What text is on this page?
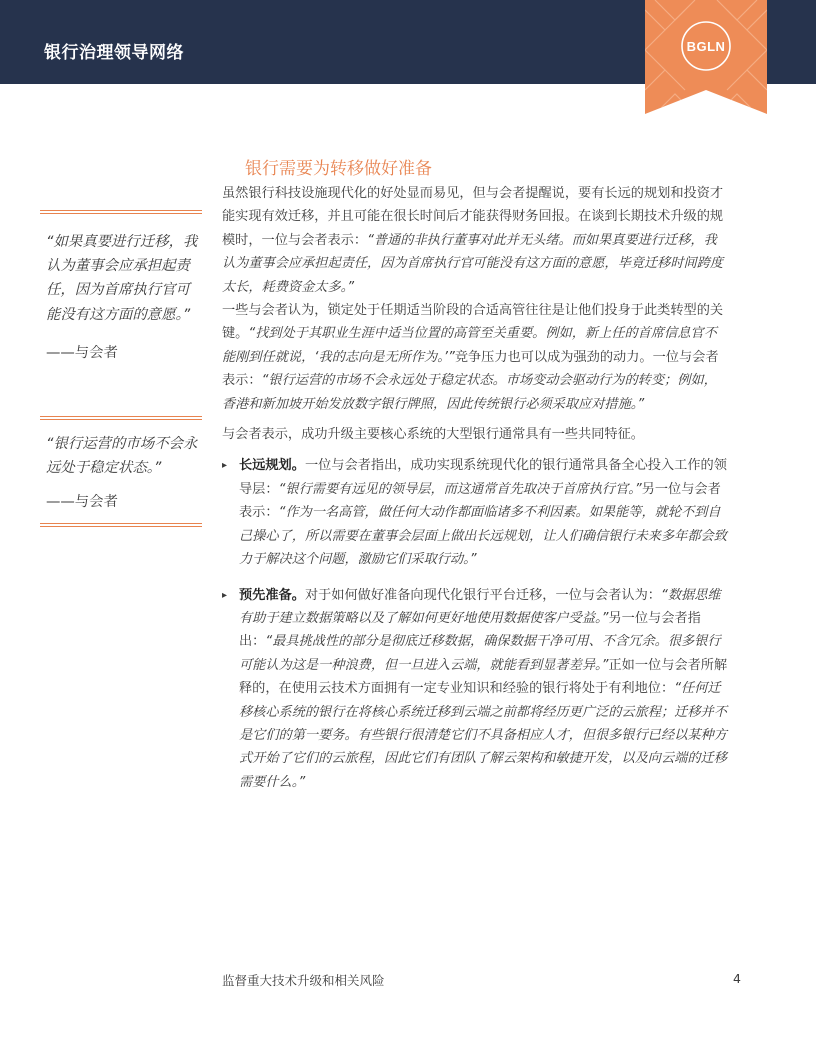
银行治理领导网络	BGLN
银行需要为转移做好准备

虽然银行科技设施现代化的好处显而易见，但与会者提醒说，要有长远的规划和投资才能实现有效迁移，并且可能在很长时间后才能获得财务回报。在谈到长期技术升级的规模时，一位与会者表示：“普通的非执行董事对此并无头绪。而如果真要进行迁移，我认为董事会应承担起责任，因为首席执行官可能没有这方面的意愿，毕竟迁移时间跨度太长，耗费资金太多。”

一些与会者认为，锁定处于任期适当阶段的合适高管往往是让他们投身于此类转型的关键。“找到处于其职业生涯中适当位置的高管至关重要。例如，新上任的首席信息官不能刚到任就说，‘我的志向是无所作为。’”竞争压力也可以成为强劲的动力。一位与会者表示：“银行运营的市场不会永远处于稳定状态。市场变动会驱动行为的转变；例如，香港和新加坡开始发放数字银行牌照，因此传统银行必须采取应对措施。”

与会者表示，成功升级主要核心系统的大型银行通常具有一些共同特征。

▸ 长远规划。一位与会者指出，成功实现系统现代化的银行通常具备全心投入工作的领导层：“银行需要有远见的领导层，而这通常首先取决于首席执行官。”另一位与会者表示：“作为一名高管，做任何大动作都面临诸多不利因素。如果能等，就轮不到自己操心了，所以需要在董事会层面上做出长远规划，让人们确信银行未来多年都会致力于解决这个问题，激励它们采取行动。”
▸ 预先准备。对于如何做好准备向现代化银行平台迁移，一位与会者认为：“数据思维有助于建立数据策略以及了解如何更好地使用数据使客户受益。”另一位与会者指出：“最具挑战性的部分是彻底迁移数据，确保数据干净可用、不含冗余。很多银行可能认为这是一种浪费，但一旦进入云端，就能看到显著差异。”正如一位与会者所解释的，在使用云技术方面拥有一定专业知识和经验的银行将处于有利地位：“任何迁移核心系统的银行在将核心系统迁移到云端之前都将经历更广泛的云旅程；迁移并不是它们的第一要务。有些银行很清楚它们不具备相应人才，但很多银行已经以某种方式开始了它们的云旅程，因此它们有团队了解云架构和敏捷开发，以及向云端的迁移需要什么。”
“如果真要进行迁移，我认为董事会应承担起责任，因为首席执行官可能没有这方面的意愿。”
——与会者
“银行运营的市场不会永远处于稳定状态。”
——与会者
监督重大技术升级和相关风险	4
